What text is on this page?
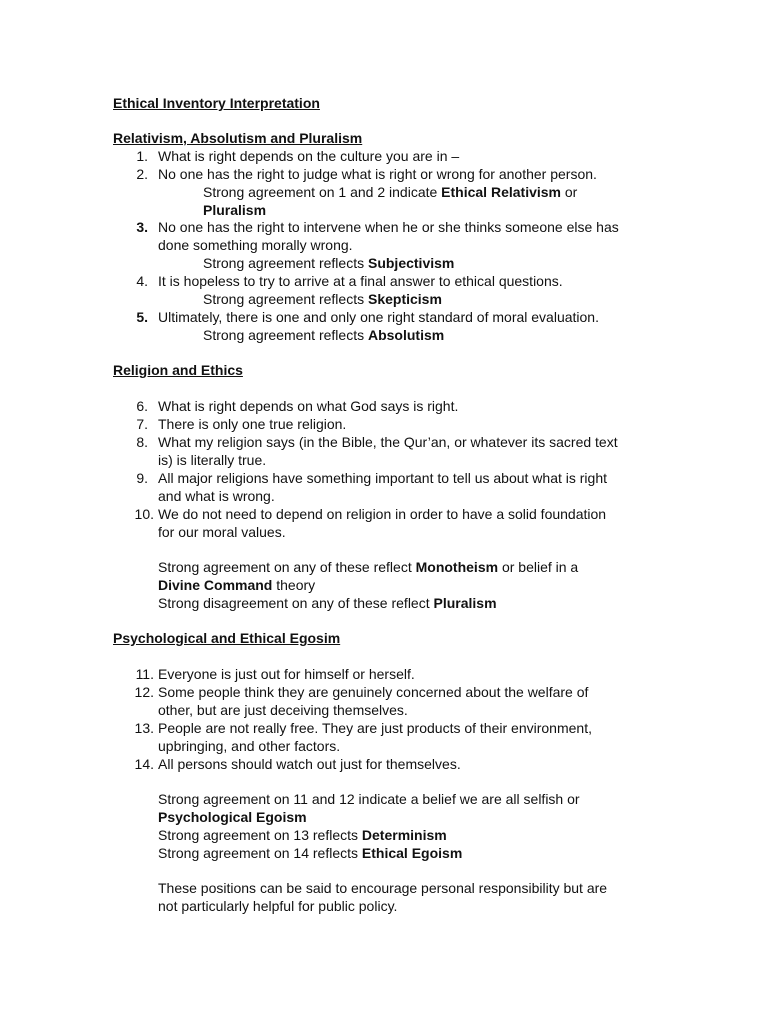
Ethical Inventory Interpretation
Relativism, Absolutism and Pluralism
1. What is right depends on the culture you are in –
2. No one has the right to judge what is right or wrong for another person.
Strong agreement on 1 and 2 indicate Ethical Relativism or
Pluralism
3. No one has the right to intervene when he or she thinks someone else has
done something morally wrong.
Strong agreement reflects Subjectivism
4. It is hopeless to try to arrive at a final answer to ethical questions.
Strong agreement reflects Skepticism
5. Ultimately, there is one and only one right standard of moral evaluation.
Strong agreement reflects Absolutism
Religion and Ethics
6. What is right depends on what God says is right.
7. There is only one true religion.
8. What my religion says (in the Bible, the Qur’an, or whatever its sacred text
is) is literally true.
9. All major religions have something important to tell us about what is right
and what is wrong.
10. We do not need to depend on religion in order to have a solid foundation
for our moral values.
Strong agreement on any of these reflect Monotheism or belief in a
Divine Command theory
Strong disagreement on any of these reflect Pluralism
Psychological and Ethical Egosim
11. Everyone is just out for himself or herself.
12. Some people think they are genuinely concerned about the welfare of
other, but are just deceiving themselves.
13. People are not really free. They are just products of their environment,
upbringing, and other factors.
14. All persons should watch out just for themselves.
Strong agreement on 11 and 12 indicate a belief we are all selfish or
Psychological Egoism
Strong agreement on 13 reflects Determinism
Strong agreement on 14 reflects Ethical Egoism
These positions can be said to encourage personal responsibility but are
not particularly helpful for public policy.
